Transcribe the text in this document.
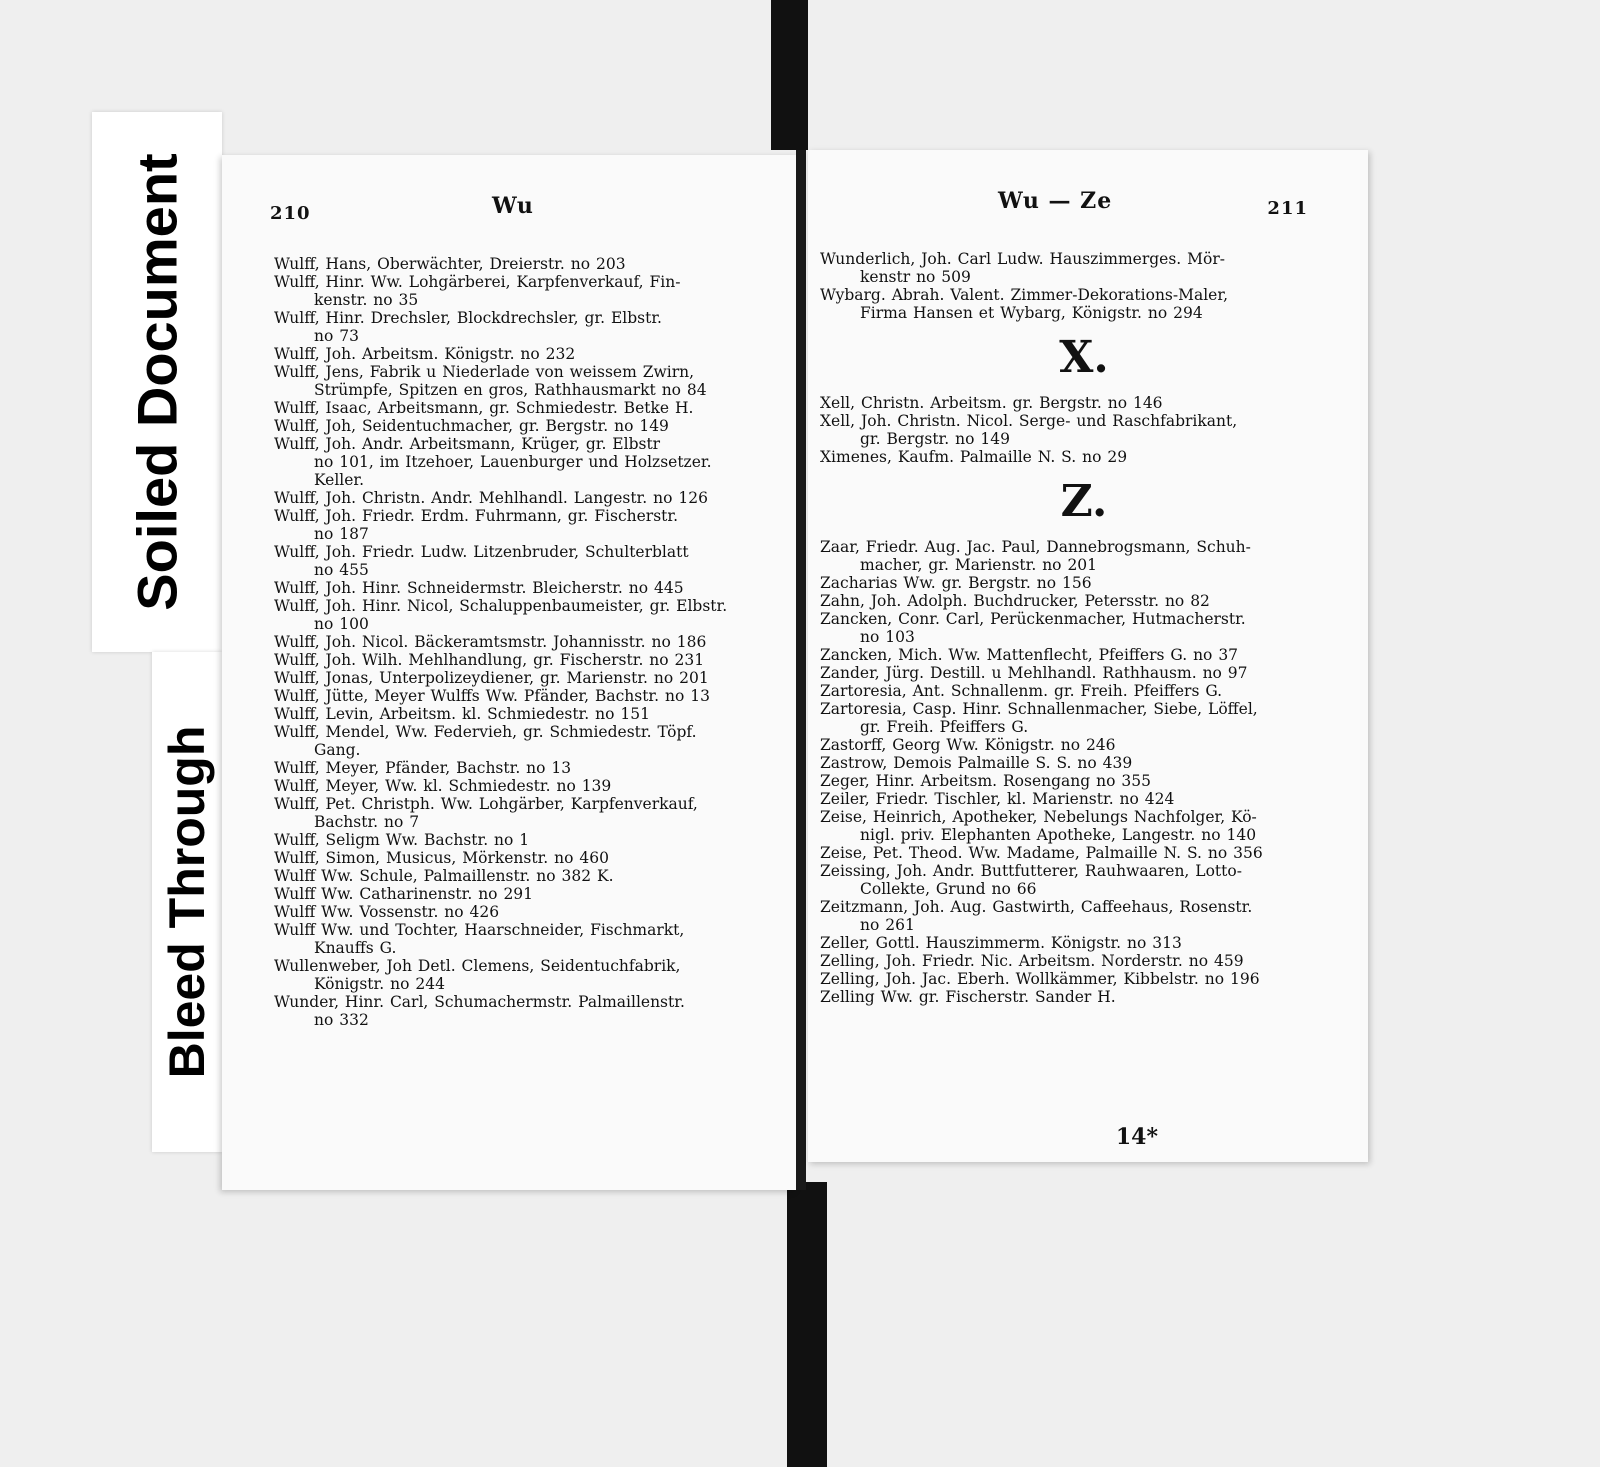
Soiled Document
Bleed Through
210	Wu
Wulff, Hans, Oberwächter, Dreierstr. no 203
Wulff, Hinr. Ww. Lohgärberei, Karpfenverkauf, Fin-
kenstr. no 35
Wulff, Hinr. Drechsler, Blockdrechsler, gr. Elbstr.
no 73
Wulff, Joh. Arbeitsm. Königstr. no 232
Wulff, Jens, Fabrik u Niederlade von weissem Zwirn,
Strümpfe, Spitzen en gros, Rathhausmarkt no 84
Wulff, Isaac, Arbeitsmann, gr. Schmiedestr. Betke H.
Wulff, Joh, Seidentuchmacher, gr. Bergstr. no 149
Wulff, Joh. Andr. Arbeitsmann, Krüger, gr. Elbstr
no 101, im Itzehoer, Lauenburger und Holzsetzer.
Keller.
Wulff, Joh. Christn. Andr. Mehlhandl. Langestr. no 126
Wulff, Joh. Friedr. Erdm. Fuhrmann, gr. Fischerstr.
no 187
Wulff, Joh. Friedr. Ludw. Litzenbruder, Schulterblatt
no 455
Wulff, Joh. Hinr. Schneidermstr. Bleicherstr. no 445
Wulff, Joh. Hinr. Nicol, Schaluppenbaumeister, gr. Elbstr.
no 100
Wulff, Joh. Nicol. Bäckeramtsmstr. Johannisstr. no 186
Wulff, Joh. Wilh. Mehlhandlung, gr. Fischerstr. no 231
Wulff, Jonas, Unterpolizeydiener, gr. Marienstr. no 201
Wulff, Jütte, Meyer Wulffs Ww. Pfänder, Bachstr. no 13
Wulff, Levin, Arbeitsm. kl. Schmiedestr. no 151
Wulff, Mendel, Ww. Federvieh, gr. Schmiedestr. Töpf.
Gang.
Wulff, Meyer, Pfänder, Bachstr. no 13
Wulff, Meyer, Ww. kl. Schmiedestr. no 139
Wulff, Pet. Christph. Ww. Lohgärber, Karpfenverkauf,
Bachstr. no 7
Wulff, Seligm Ww. Bachstr. no 1
Wulff, Simon, Musicus, Mörkenstr. no 460
Wulff Ww. Schule, Palmaillenstr. no 382 K.
Wulff Ww. Catharinenstr. no 291
Wulff Ww. Vossenstr. no 426
Wulff Ww. und Tochter, Haarschneider, Fischmarkt,
Knauffs G.
Wullenweber, Joh Detl. Clemens, Seidentuchfabrik,
Königstr. no 244
Wunder, Hinr. Carl, Schumachermstr. Palmaillenstr.
no 332
Wu — Ze	211
Wunderlich, Joh. Carl Ludw. Hauszimmerges. Mör-
kenstr no 509
Wybarg. Abrah. Valent. Zimmer-Dekorations-Maler,
Firma Hansen et Wybarg, Königstr. no 294
X.
Xell, Christn. Arbeitsm. gr. Bergstr. no 146
Xell, Joh. Christn. Nicol. Serge- und Raschfabrikant,
gr. Bergstr. no 149
Ximenes, Kaufm. Palmaille N. S. no 29
Z.
Zaar, Friedr. Aug. Jac. Paul, Dannebrogsmann, Schuh-
macher, gr. Marienstr. no 201
Zacharias Ww. gr. Bergstr. no 156
Zahn, Joh. Adolph. Buchdrucker, Petersstr. no 82
Zancken, Conr. Carl, Perückenmacher, Hutmacherstr.
no 103
Zancken, Mich. Ww. Mattenflecht, Pfeiffers G. no 37
Zander, Jürg. Destill. u Mehlhandl. Rathhausm. no 97
Zartoresia, Ant. Schnallenm. gr. Freih. Pfeiffers G.
Zartoresia, Casp. Hinr. Schnallenmacher, Siebe, Löffel,
gr. Freih. Pfeiffers G.
Zastorff, Georg Ww. Königstr. no 246
Zastrow, Demois Palmaille S. S. no 439
Zeger, Hinr. Arbeitsm. Rosengang no 355
Zeiler, Friedr. Tischler, kl. Marienstr. no 424
Zeise, Heinrich, Apotheker, Nebelungs Nachfolger, Kö-
nigl. priv. Elephanten Apotheke, Langestr. no 140
Zeise, Pet. Theod. Ww. Madame, Palmaille N. S. no 356
Zeissing, Joh. Andr. Buttfutterer, Rauhwaaren, Lotto-
Collekte, Grund no 66
Zeitzmann, Joh. Aug. Gastwirth, Caffeehaus, Rosenstr.
no 261
Zeller, Gottl. Hauszimmerm. Königstr. no 313
Zelling, Joh. Friedr. Nic. Arbeitsm. Norderstr. no 459
Zelling, Joh. Jac. Eberh. Wollkämmer, Kibbelstr. no 196
Zelling Ww. gr. Fischerstr. Sander H.
14*
